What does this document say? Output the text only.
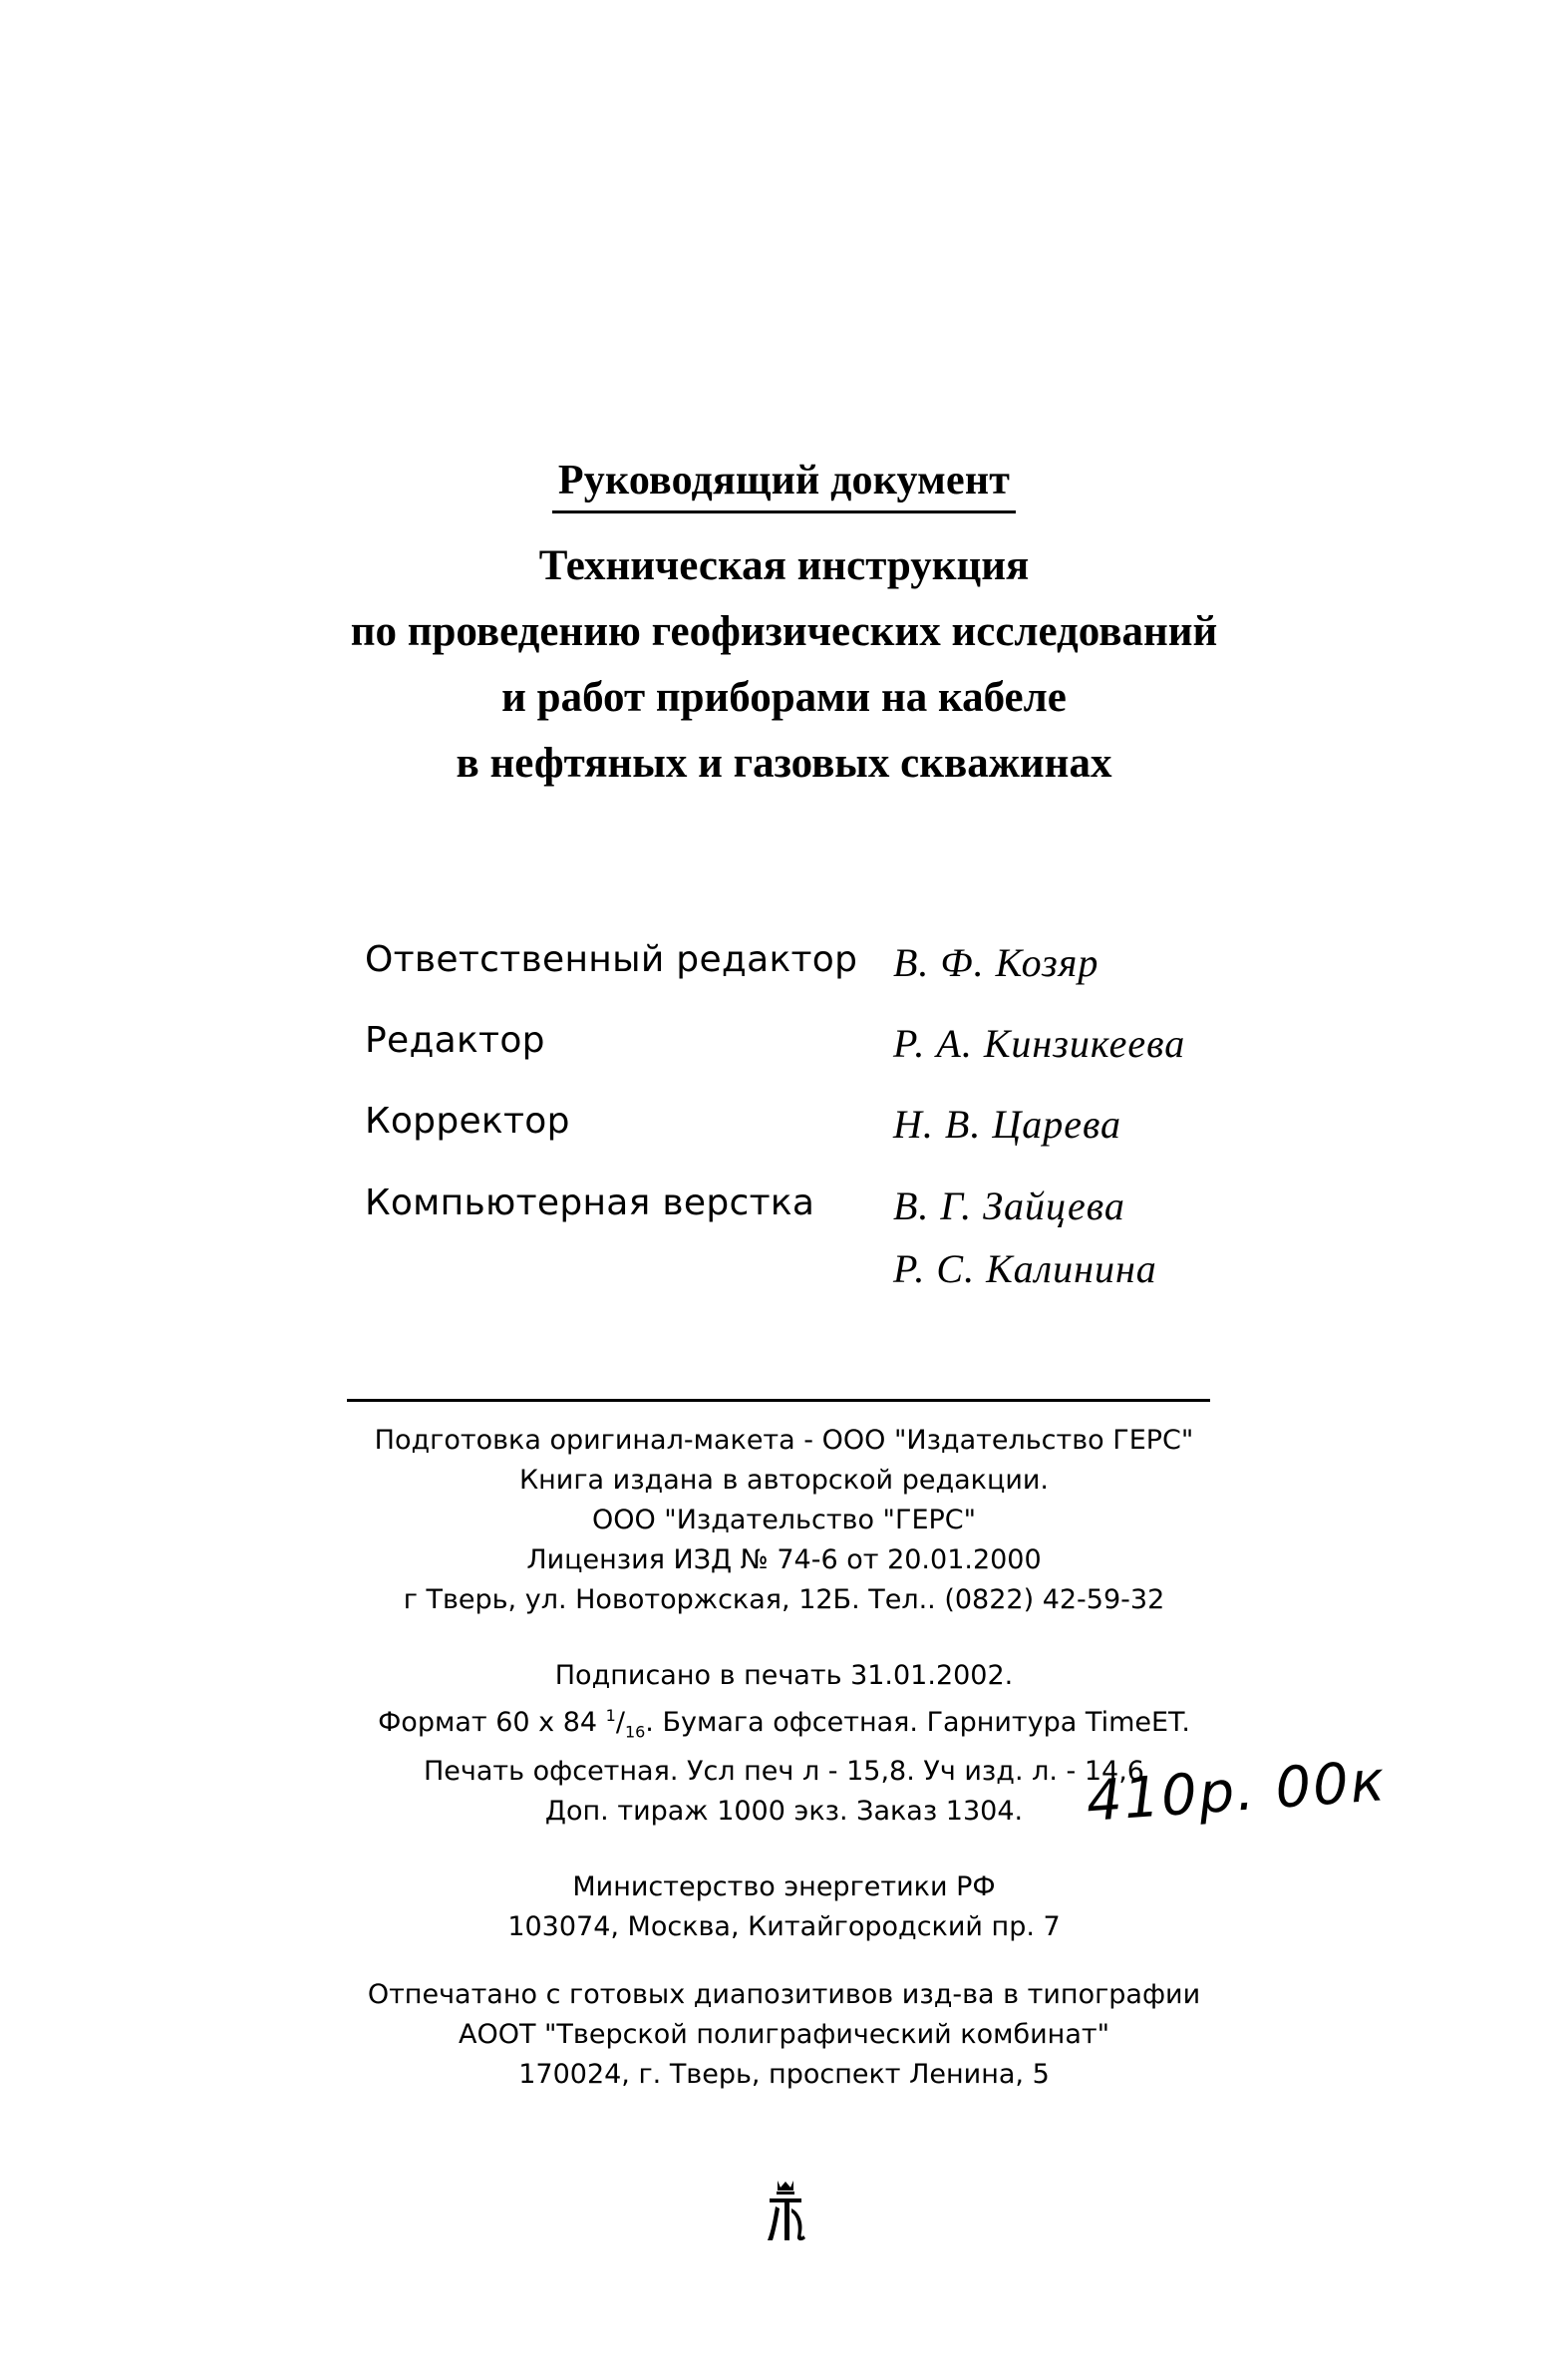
Руководящий документ
Техническая инструкция
по проведению геофизических исследований
и работ приборами на кабеле
в нефтяных и газовых скважинах
Ответственный редактор В. Ф. Козяр
Редактор	Р. А. Кинзикеева
Корректор	Н. В. Царева
Компьютерная верстка В. Г. Зайцева
Р. С. Калинина
Подготовка оригинал-макета - ООО "Издательство ГЕРС"
Книга издана в авторской редакции.
ООО "Издательство "ГЕРС"
Лицензия ИЗД № 74-6 от 20.01.2000
г Тверь, ул. Новоторжская, 12Б. Тел.. (0822) 42-59-32
Подписано в печать 31.01.2002.
Формат 60 х 84 $^1/_{16}$. Бумага офсетная. Гарнитура TimeET.
Печать офсетная. Усл печ л - 15,8. Уч изд. л. - 14,6
Доп. тираж 1000 экз. Заказ 1304.
Министерство энергетики РФ
103074, Москва, Китайгородский пр. 7
Отпечатано с готовых диапозитивов изд-ва в типографии
АООТ "Тверской полиграфический комбинат"
170024, г. Тверь, проспект Ленина, 5
410р. 00к
